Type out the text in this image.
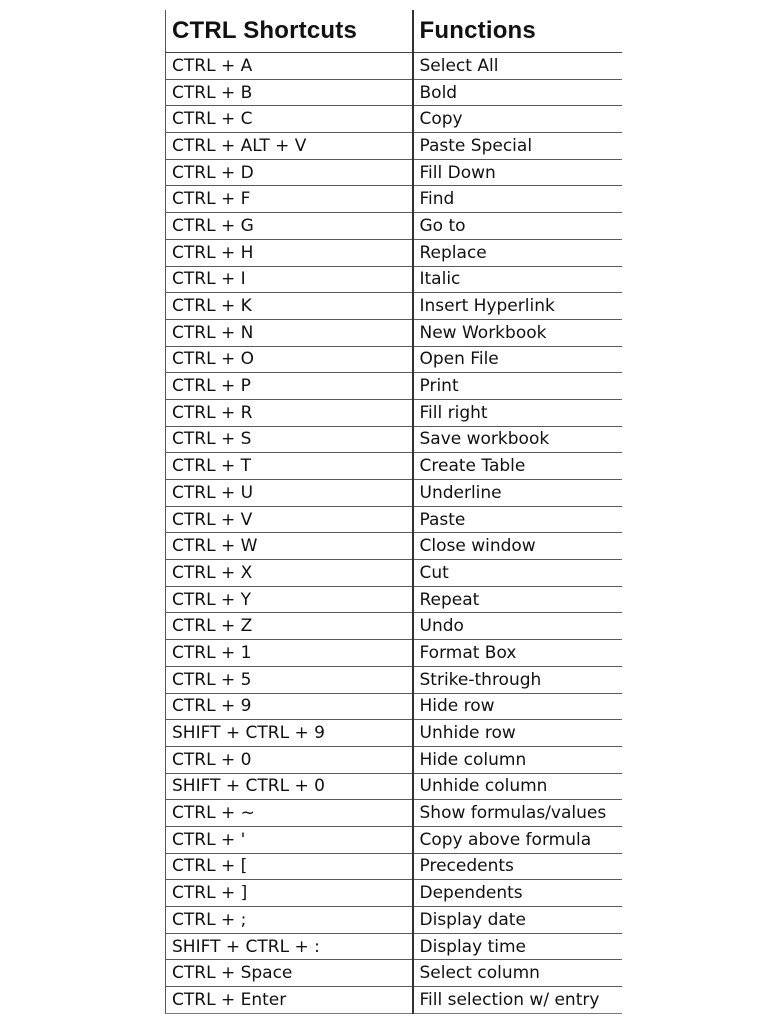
CTRL Shortcuts	Functions
CTRL + A	Select All
CTRL + B	Bold
CTRL + C	Copy
CTRL + ALT + V	Paste Special
CTRL + D	Fill Down
CTRL + F	Find
CTRL + G	Go to
CTRL + H	Replace
CTRL + I	Italic
CTRL + K	Insert Hyperlink
CTRL + N	New Workbook
CTRL + O	Open File
CTRL + P	Print
CTRL + R	Fill right
CTRL + S	Save workbook
CTRL + T	Create Table
CTRL + U	Underline
CTRL + V	Paste
CTRL + W	Close window
CTRL + X	Cut
CTRL + Y	Repeat
CTRL + Z	Undo
CTRL + 1	Format Box
CTRL + 5	Strike-through
CTRL + 9	Hide row
SHIFT + CTRL + 9	Unhide row
CTRL + 0	Hide column
SHIFT + CTRL + 0	Unhide column
CTRL + ~	Show formulas/values
CTRL + '	Copy above formula
CTRL + [	Precedents
CTRL + ]	Dependents
CTRL + ;	Display date
SHIFT + CTRL + :	Display time
CTRL + Space	Select column
CTRL + Enter	Fill selection w/ entry
